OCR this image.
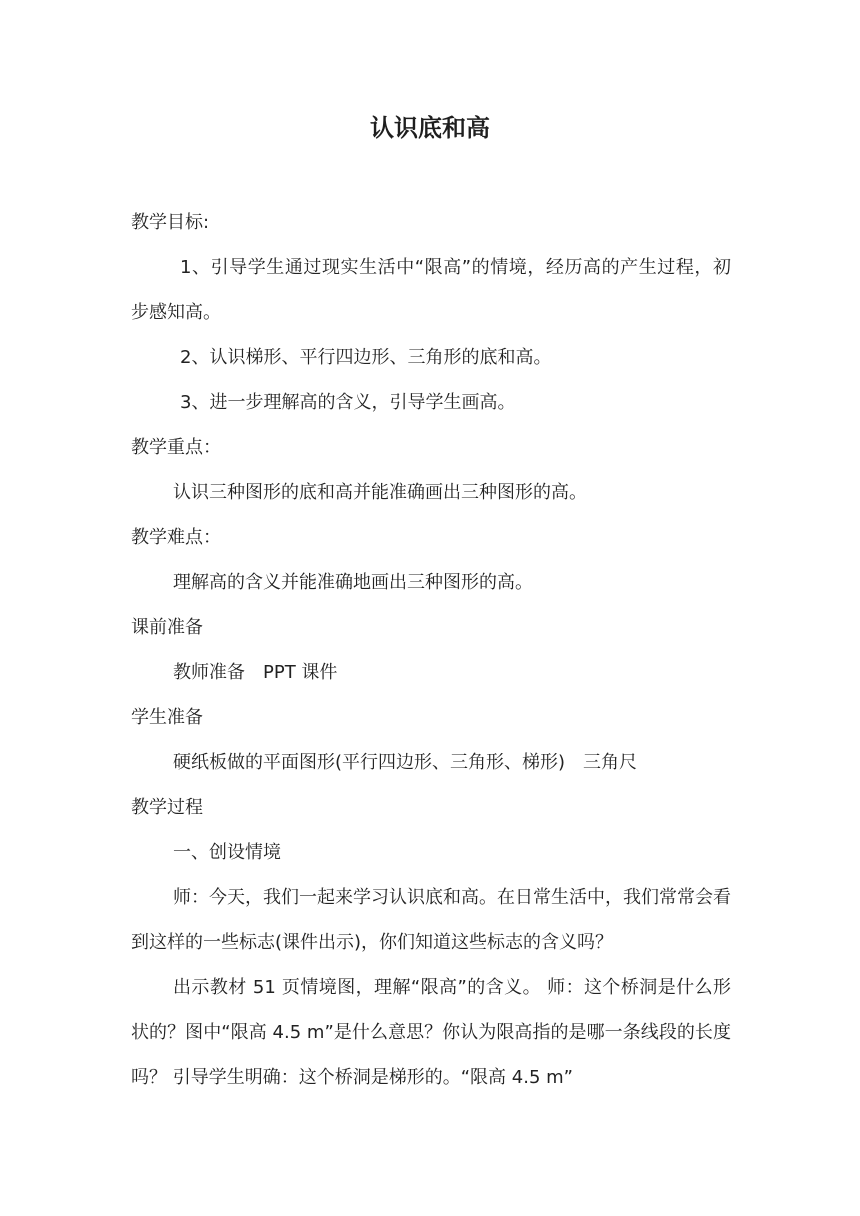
认识底和高

教学目标:

1、引导学生通过现实生活中“限高”的情境，经历高的产生过程，初步感知高。

2、认识梯形、平行四边形、三角形的底和高。

3、进一步理解高的含义，引导学生画高。

教学重点：

认识三种图形的底和高并能准确画出三种图形的高。

教学难点：

理解高的含义并能准确地画出三种图形的高。

课前准备

教师准备　PPT 课件

学生准备

硬纸板做的平面图形(平行四边形、三角形、梯形)　三角尺

教学过程

一、创设情境

师：今天，我们一起来学习认识底和高。在日常生活中，我们常常会看到这样的一些标志(课件出示)，你们知道这些标志的含义吗？

出示教材 51 页情境图，理解“限高”的含义。 师：这个桥洞是什么形状的？图中“限高 4.5 m”是什么意思？你认为限高指的是哪一条线段的长度吗？ 引导学生明确：这个桥洞是梯形的。“限高 4.5 m”
